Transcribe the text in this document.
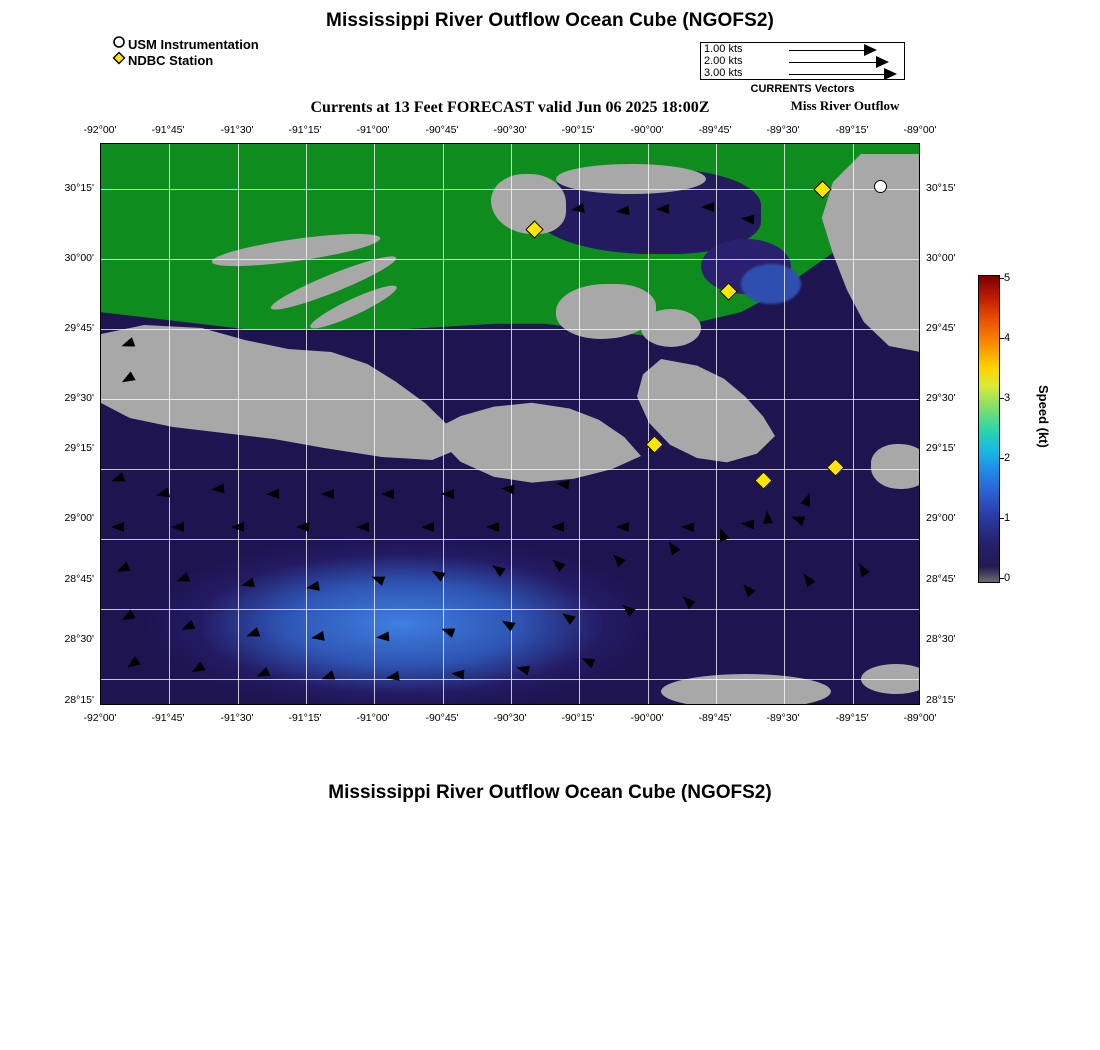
Mississippi River Outflow Ocean Cube (NGOFS2)
Currents at 13 Feet FORECAST valid Jun 06 2025 18:00Z	Miss River Outflow
Mississippi River Outflow Ocean Cube (NGOFS2)
USM Instrumentation
NDBC Station
1.00 kts
2.00 kts
3.00 kts
CURRENTS Vectors
-92°00'	-91°45'	-91°30'	-91°15'	-91°00'	-90°45'	-90°30'	-90°15'	-90°00'	-89°45'	-89°30'	-89°15'	-89°00'
-92°00'	-91°45'	-91°30'	-91°15'	-91°00'	-90°45'	-90°30'	-90°15'	-90°00'	-89°45'	-89°30'	-89°15'	-89°00'
30°15'
30°00'
29°45'
29°30'
29°15'
29°00'
28°45'
28°30'
28°15'
30°15'
30°00'
29°45'
29°30'
29°15'
29°00'
28°45'
28°30'
28°15'
5
4
3
2
1
0
Speed (kt)
